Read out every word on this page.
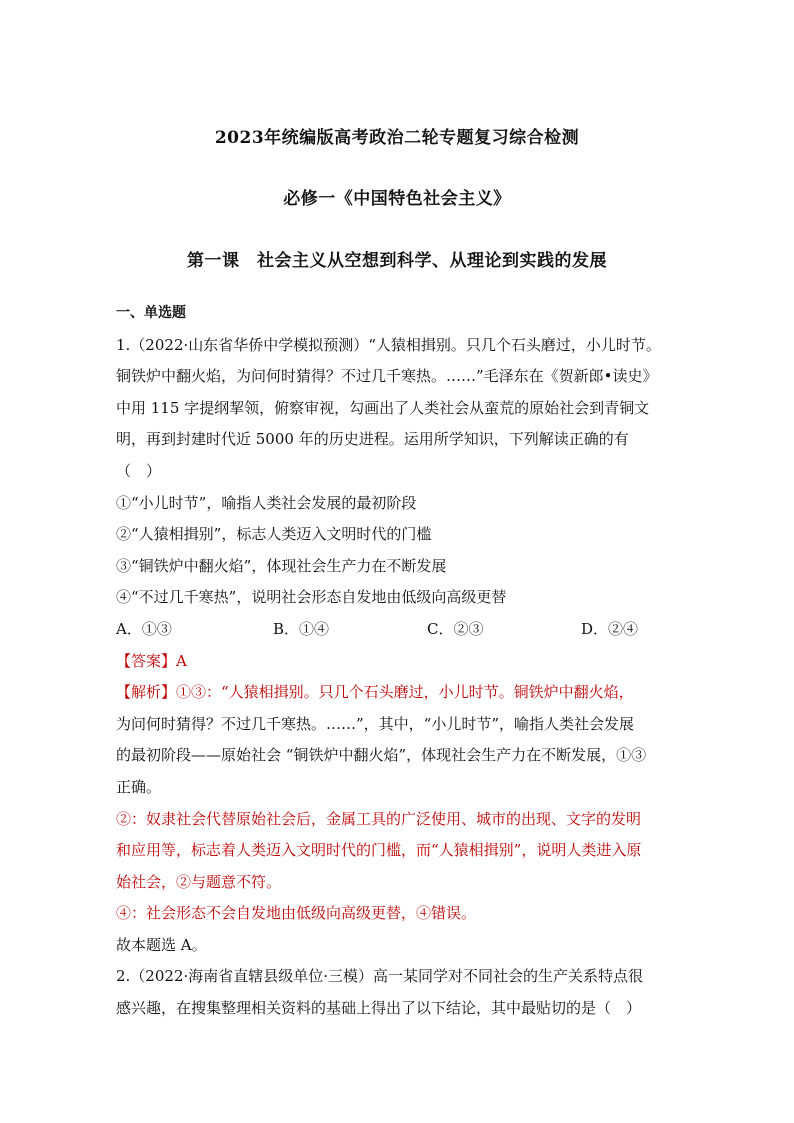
2023年统编版高考政治二轮专题复习综合检测
必修一《中国特色社会主义》
第一课　社会主义从空想到科学、从理论到实践的发展
一、单选题
1.（2022·山东省华侨中学模拟预测）“人猿相揖别。只几个石头磨过，小儿时节。
铜铁炉中翻火焰，为问何时猜得？不过几千寒热。……”毛泽东在《贺新郎•读史》
中用 115 字提纲挈领，俯察审视，勾画出了人类社会从蛮荒的原始社会到青铜文
明，再到封建时代近 5000 年的历史进程。运用所学知识，下列解读正确的有
（　）
①“小儿时节”，喻指人类社会发展的最初阶段
②“人猿相揖别”，标志人类迈入文明时代的门槛
③“铜铁炉中翻火焰”，体现社会生产力在不断发展
④“不过几千寒热”，说明社会形态自发地由低级向高级更替
A．①③	B．①④	C．②③	D．②④
【答案】A
【解析】①③：“人猿相揖别。只几个石头磨过，小儿时节。铜铁炉中翻火焰，
为问何时猜得？不过几千寒热。……”，其中，“小儿时节”，喻指人类社会发展
的最初阶段——原始社会 “铜铁炉中翻火焰”，体现社会生产力在不断发展，①③
正确。
②：奴隶社会代替原始社会后，金属工具的广泛使用、城市的出现、文字的发明
和应用等，标志着人类迈入文明时代的门槛，而“人猿相揖别”，说明人类进入原
始社会，②与题意不符。
④：社会形态不会自发地由低级向高级更替，④错误。
故本题选 A。
2.（2022·海南省直辖县级单位·三模）高一某同学对不同社会的生产关系特点很
感兴趣，在搜集整理相关资料的基础上得出了以下结论，其中最贴切的是（　）
